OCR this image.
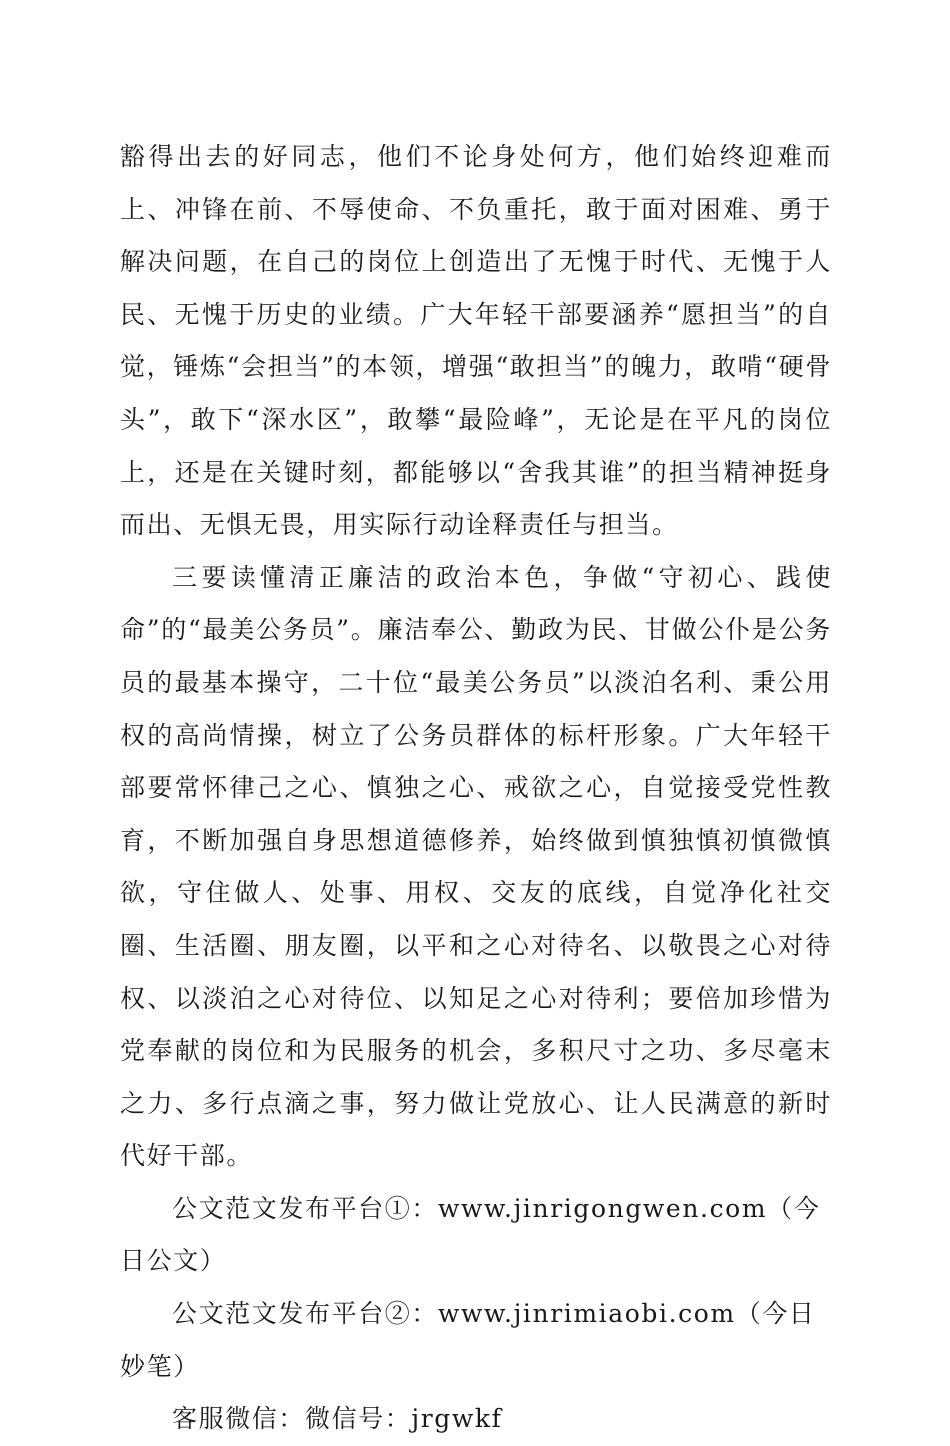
豁得出去的好同志，他们不论身处何方，他们始终迎难而上、冲锋在前、不辱使命、不负重托，敢于面对困难、勇于解决问题，在自己的岗位上创造出了无愧于时代、无愧于人民、无愧于历史的业绩。广大年轻干部要涵养“愿担当”的自觉，锤炼“会担当”的本领，增强“敢担当”的魄力，敢啃“硬骨头”，敢下“深水区”，敢攀“最险峰”，无论是在平凡的岗位上，还是在关键时刻，都能够以“舍我其谁”的担当精神挺身而出、无惧无畏，用实际行动诠释责任与担当。

三要读懂清正廉洁的政治本色，争做“守初心、践使命”的“最美公务员”。廉洁奉公、勤政为民、甘做公仆是公务员的最基本操守，二十位“最美公务员”以淡泊名利、秉公用权的高尚情操，树立了公务员群体的标杆形象。广大年轻干部要常怀律己之心、慎独之心、戒欲之心，自觉接受党性教育，不断加强自身思想道德修养，始终做到慎独慎初慎微慎欲，守住做人、处事、用权、交友的底线，自觉净化社交圈、生活圈、朋友圈，以平和之心对待名、以敬畏之心对待权、以淡泊之心对待位、以知足之心对待利；要倍加珍惜为党奉献的岗位和为民服务的机会，多积尺寸之功、多尽毫末之力、多行点滴之事，努力做让党放心、让人民满意的新时代好干部。

公文范文发布平台①：www.jinrigongwen.com（今日公文）

公文范文发布平台②：www.jinrimiaobi.com（今日妙笔）

客服微信：微信号：jrgwkf
